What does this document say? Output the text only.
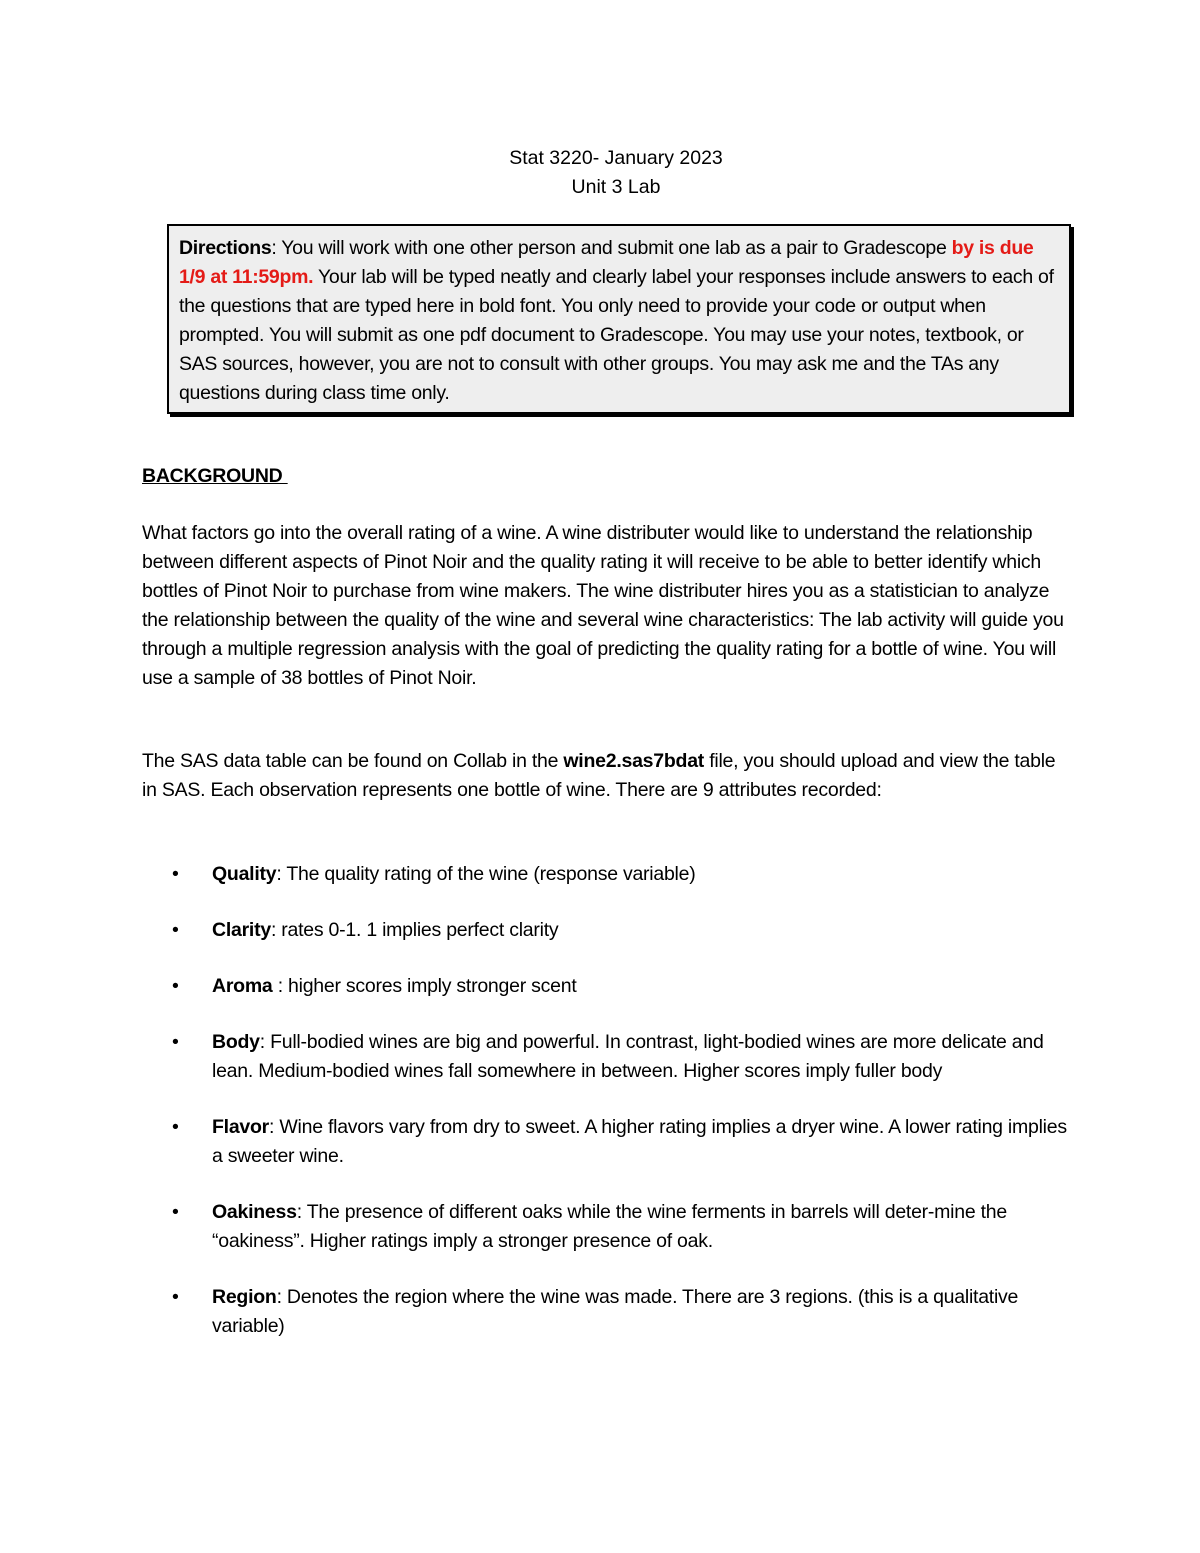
Stat 3220- January 2023
Unit 3 Lab
Directions: You will work with one other person and submit one lab as a pair to Gradescope by is due 1/9 at 11:59pm. Your lab will be typed neatly and clearly label your responses include answers to each of the questions that are typed here in bold font. You only need to provide your code or output when prompted. You will submit as one pdf document to Gradescope. You may use your notes, textbook, or SAS sources, however, you are not to consult with other groups. You may ask me and the TAs any questions during class time only.
BACKGROUND
What factors go into the overall rating of a wine. A wine distributer would like to understand the relationship between different aspects of Pinot Noir and the quality rating it will receive to be able to better identify which bottles of Pinot Noir to purchase from wine makers. The wine distributer hires you as a statistician to analyze the relationship between the quality of the wine and several wine characteristics: The lab activity will guide you through a multiple regression analysis with the goal of predicting the quality rating for a bottle of wine. You will use a sample of 38 bottles of Pinot Noir.
The SAS data table can be found on Collab in the wine2.sas7bdat file, you should upload and view the table in SAS. Each observation represents one bottle of wine. There are 9 attributes recorded:
• Quality: The quality rating of the wine (response variable)
• Clarity: rates 0-1. 1 implies perfect clarity
• Aroma : higher scores imply stronger scent
• Body: Full-bodied wines are big and powerful. In contrast, light-bodied wines are more delicate and lean. Medium-bodied wines fall somewhere in between. Higher scores imply fuller body
• Flavor: Wine flavors vary from dry to sweet. A higher rating implies a dryer wine. A lower rating implies a sweeter wine.
• Oakiness: The presence of different oaks while the wine ferments in barrels will deter-mine the “oakiness”. Higher ratings imply a stronger presence of oak.
• Region: Denotes the region where the wine was made. There are 3 regions. (this is a qualitative variable)
